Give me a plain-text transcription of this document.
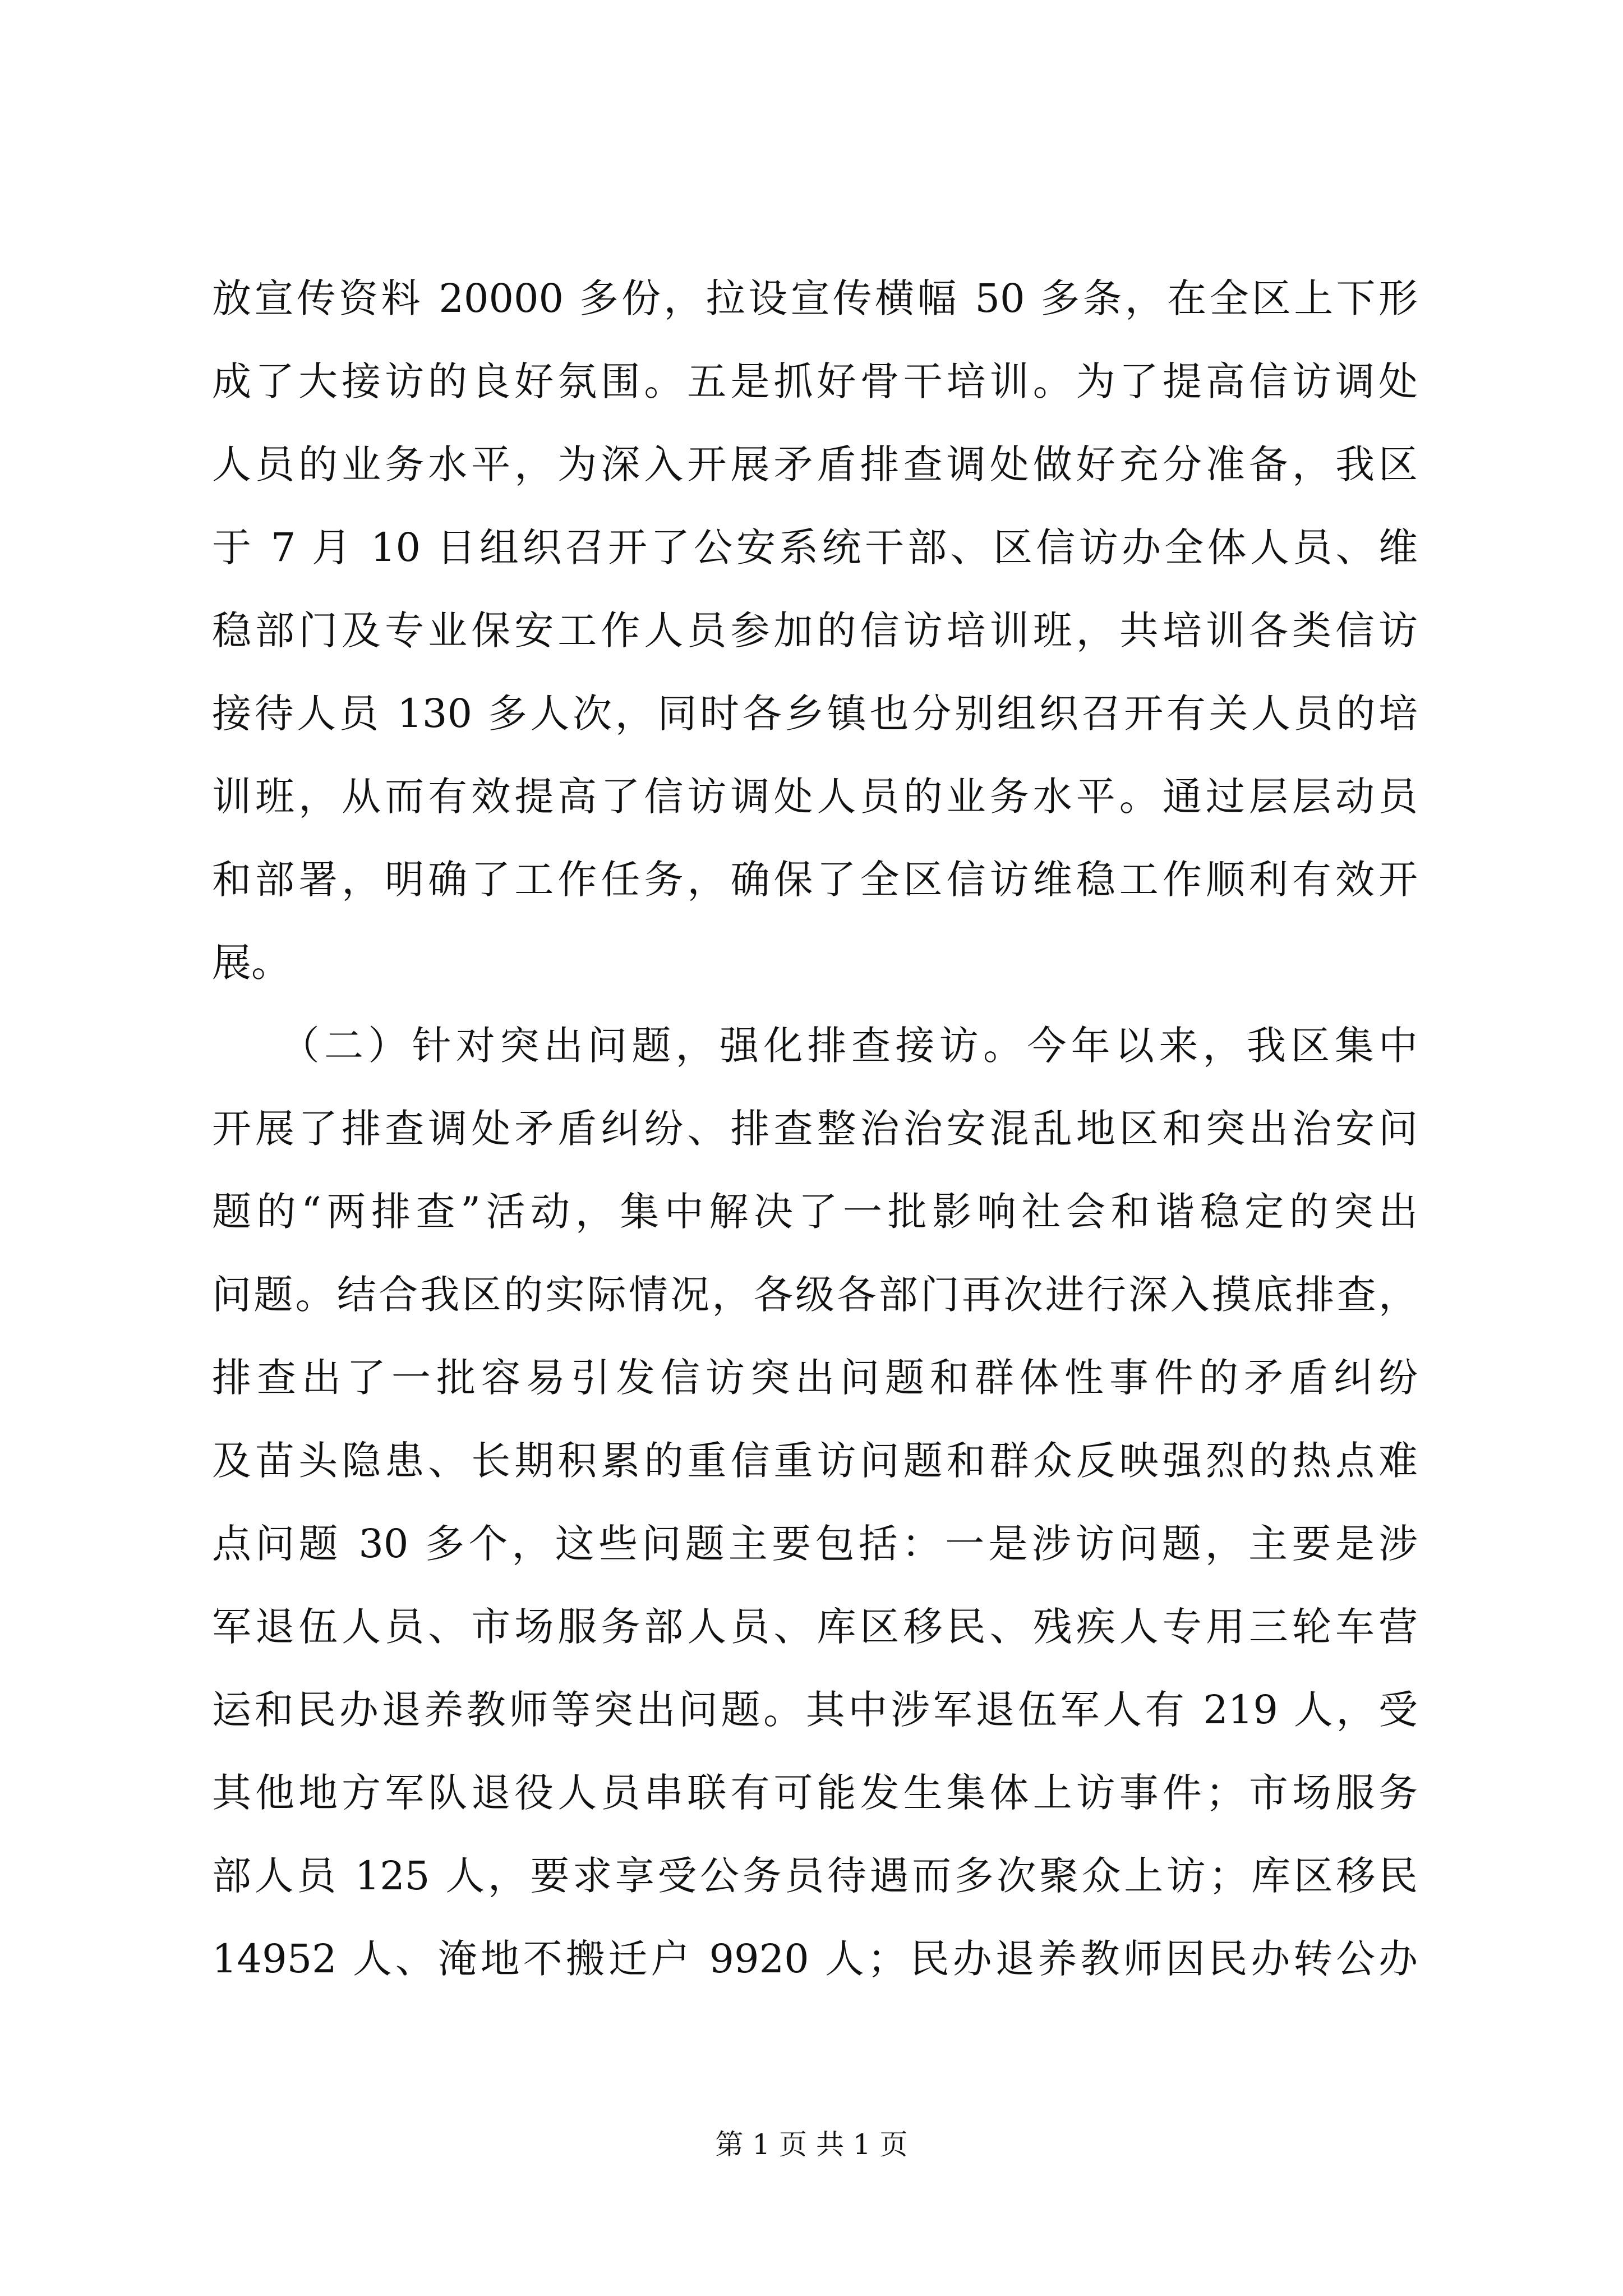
放宣传资料 20000 多份，拉设宣传横幅 50 多条，在全区上下形
成了大接访的良好氛围。五是抓好骨干培训。为了提高信访调处
人员的业务水平，为深入开展矛盾排查调处做好充分准备，我区
于 7 月 10 日组织召开了公安系统干部、区信访办全体人员、维
稳部门及专业保安工作人员参加的信访培训班，共培训各类信访
接待人员 130 多人次，同时各乡镇也分别组织召开有关人员的培
训班，从而有效提高了信访调处人员的业务水平。通过层层动员
和部署，明确了工作任务，确保了全区信访维稳工作顺利有效开
展。
　　（二）针对突出问题，强化排查接访。今年以来，我区集中
开展了排查调处矛盾纠纷、排查整治治安混乱地区和突出治安问
题的“两排查”活动，集中解决了一批影响社会和谐稳定的突出
问题。结合我区的实际情况，各级各部门再次进行深入摸底排查，
排查出了一批容易引发信访突出问题和群体性事件的矛盾纠纷
及苗头隐患、长期积累的重信重访问题和群众反映强烈的热点难
点问题 30 多个，这些问题主要包括：一是涉访问题，主要是涉
军退伍人员、市场服务部人员、库区移民、残疾人专用三轮车营
运和民办退养教师等突出问题。其中涉军退伍军人有 219 人，受
其他地方军队退役人员串联有可能发生集体上访事件；市场服务
部人员 125 人，要求享受公务员待遇而多次聚众上访；库区移民
14952 人、淹地不搬迁户 9920 人；民办退养教师因民办转公办
第 1 页 共 1 页
